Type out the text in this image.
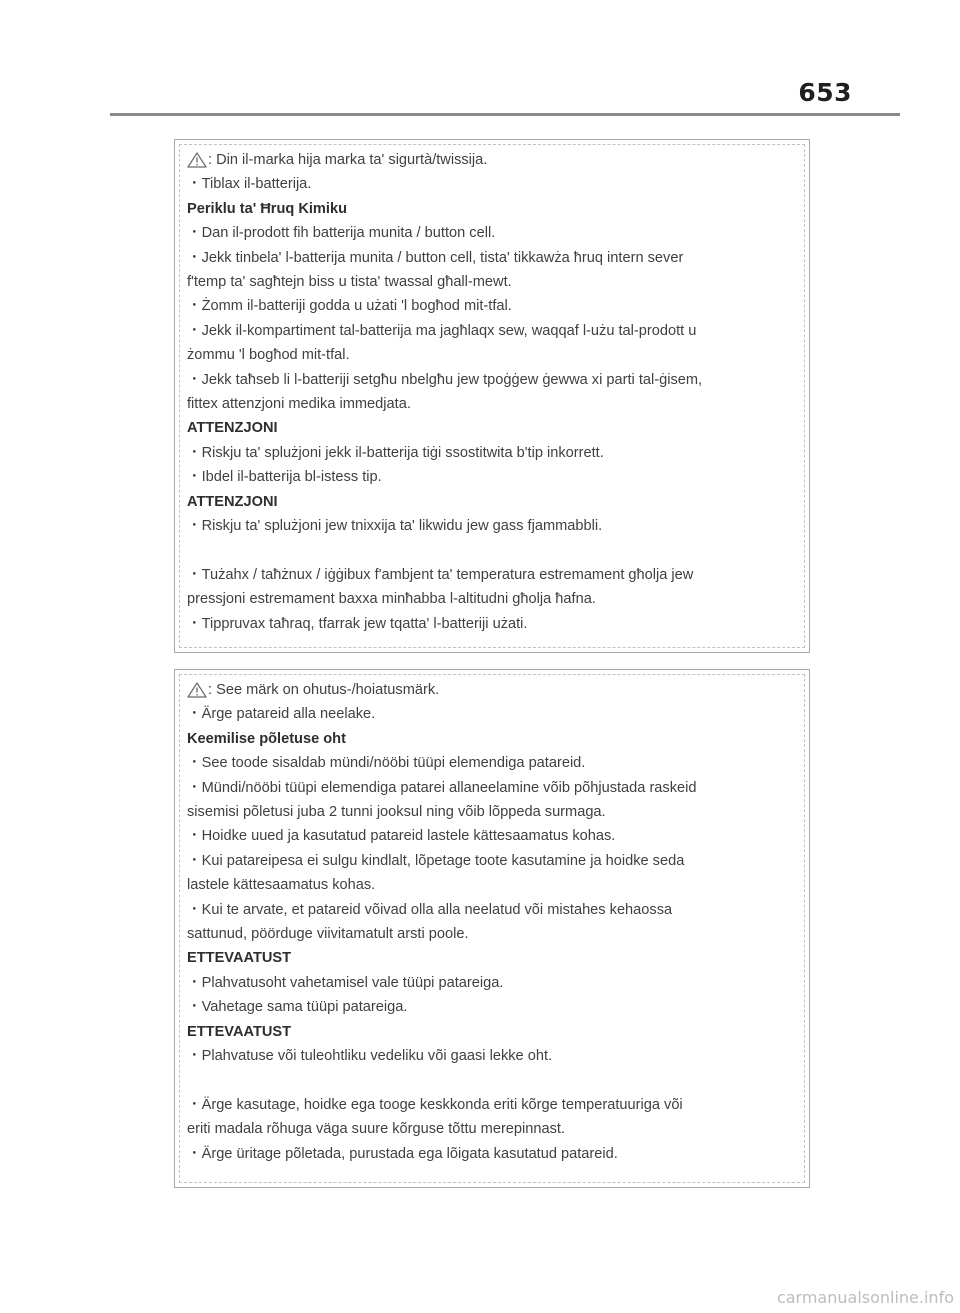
653
: Din il-marka hija marka ta' sigurtà/twissija.
・Tiblax il-batterija.
Periklu ta' Ħruq Kimiku
・Dan il-prodott fih batterija munita / button cell.
・Jekk tinbela' l-batterija munita / button cell, tista' tikkawża ħruq intern sever
f'temp ta' sagħtejn biss u tista' twassal għall-mewt.
・Żomm il-batteriji godda u użati 'l bogħod mit-tfal.
・Jekk il-kompartiment tal-batterija ma jagħlaqx sew, waqqaf l-użu tal-prodott u
żommu 'l bogħod mit-tfal.
・Jekk taħseb li l-batteriji setgħu nbelgħu jew tpoġġew ġewwa xi parti tal-ġisem,
fittex attenzjoni medika immedjata.
ATTENZJONI
・Riskju ta' splużjoni jekk il-batterija tiġi ssostitwita b'tip inkorrett.
・Ibdel il-batterija bl-istess tip.
ATTENZJONI
・Riskju ta' splużjoni jew tnixxija ta' likwidu jew gass fjammabbli.
・Tużahx / taħżnux / iġġibux f'ambjent ta' temperatura estremament għolja jew
pressjoni estremament baxxa minħabba l-altitudni għolja ħafna.
・Tippruvax taħraq, tfarrak jew tqatta' l-batteriji użati.
: See märk on ohutus-/hoiatusmärk.
・Ärge patareid alla neelake.
Keemilise põletuse oht
・See toode sisaldab mündi/nööbi tüüpi elemendiga patareid.
・Mündi/nööbi tüüpi elemendiga patarei allaneelamine võib põhjustada raskeid
sisemisi põletusi juba 2 tunni jooksul ning võib lõppeda surmaga.
・Hoidke uued ja kasutatud patareid lastele kättesaamatus kohas.
・Kui patareipesa ei sulgu kindlalt, lõpetage toote kasutamine ja hoidke seda
lastele kättesaamatus kohas.
・Kui te arvate, et patareid võivad olla alla neelatud või mistahes kehaossa
sattunud, pöörduge viivitamatult arsti poole.
ETTEVAATUST
・Plahvatusoht vahetamisel vale tüüpi patareiga.
・Vahetage sama tüüpi patareiga.
ETTEVAATUST
・Plahvatuse või tuleohtliku vedeliku või gaasi lekke oht.
・Ärge kasutage, hoidke ega tooge keskkonda eriti kõrge temperatuuriga või
eriti madala rõhuga väga suure kõrguse tõttu merepinnast.
・Ärge üritage põletada, purustada ega lõigata kasutatud patareid.
carmanualsonline.info
